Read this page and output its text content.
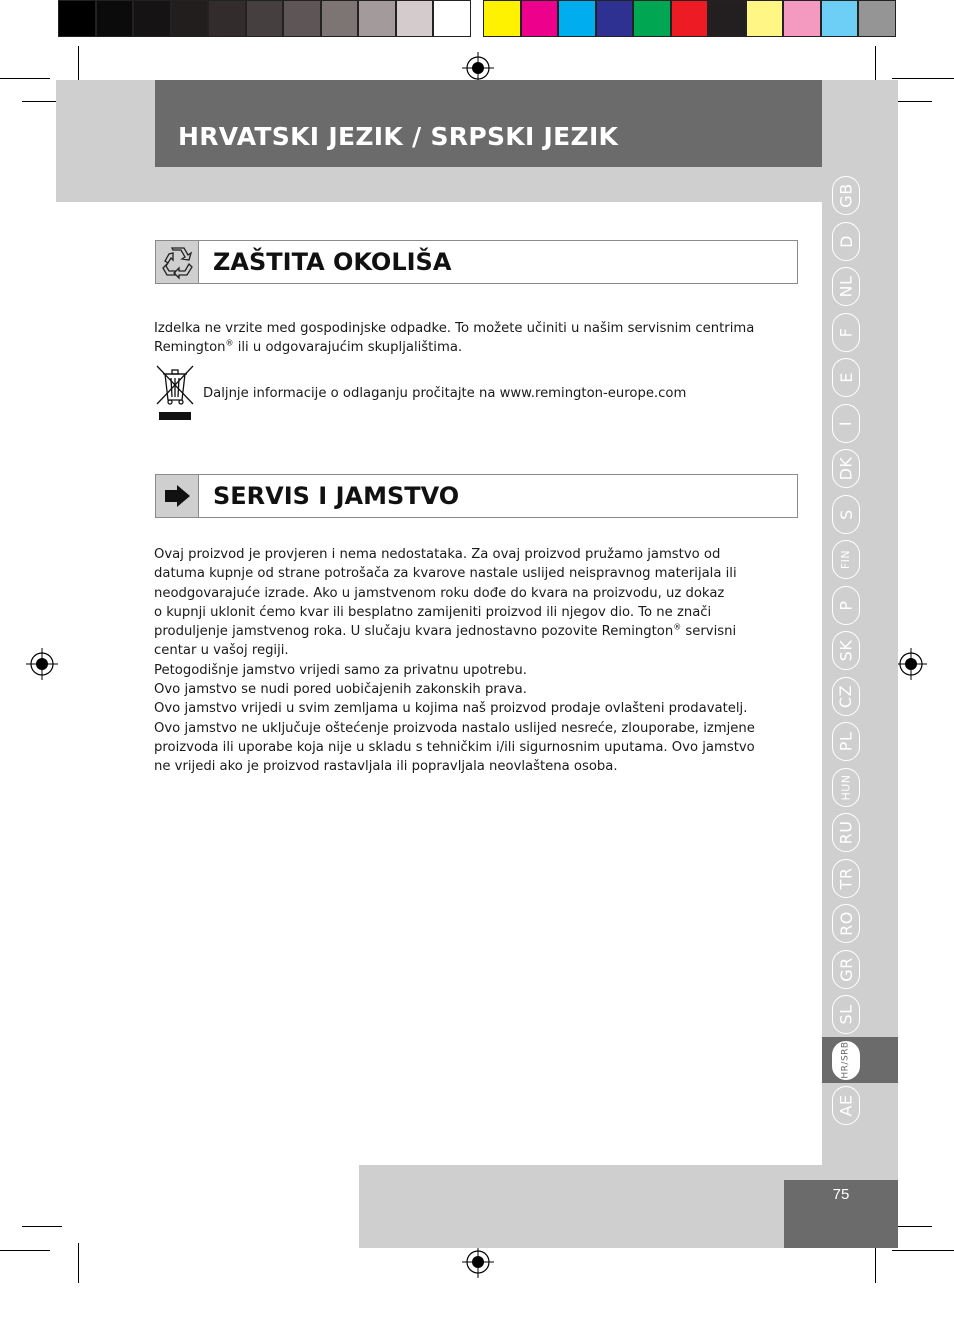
HRVATSKI JEZIK / SRPSKI JEZIK
GB
D
NL
F
E
I
DK
S
FIN
P
SK
CZ
PL
HUN
RU
TR
RO
GR
SL
HR/SRB
AE
ZAŠTITA OKOLIŠA

Izdelka ne vrzite med gospodinjske odpadke. To možete učiniti u našim servisnim centrima

Remington® ili u odgovarajućim skupljalištima.

Daljnje informacije o odlaganju pročitajte na www.remington-europe.com
SERVIS I JAMSTVO

Ovaj proizvod je provjeren i nema nedostataka. Za ovaj proizvod pružamo jamstvo od

datuma kupnje od strane potrošača za kvarove nastale uslijed neispravnog materijala ili

neodgovarajuće izrade. Ako u jamstvenom roku dođe do kvara na proizvodu, uz dokaz

o kupnji uklonit ćemo kvar ili besplatno zamijeniti proizvod ili njegov dio. To ne znači

produljenje jamstvenog roka. U slučaju kvara jednostavno pozovite Remington® servisni

centar u vašoj regiji.

Petogodišnje jamstvo vrijedi samo za privatnu upotrebu.

Ovo jamstvo se nudi pored uobičajenih zakonskih prava.

Ovo jamstvo vrijedi u svim zemljama u kojima naš proizvod prodaje ovlašteni prodavatelj.

Ovo jamstvo ne uključuje oštećenje proizvoda nastalo uslijed nesreće, zlouporabe, izmjene

proizvoda ili uporabe koja nije u skladu s tehničkim i/ili sigurnosnim uputama. Ovo jamstvo

ne vrijedi ako je proizvod rastavljala ili popravljala neovlaštena osoba.

75
